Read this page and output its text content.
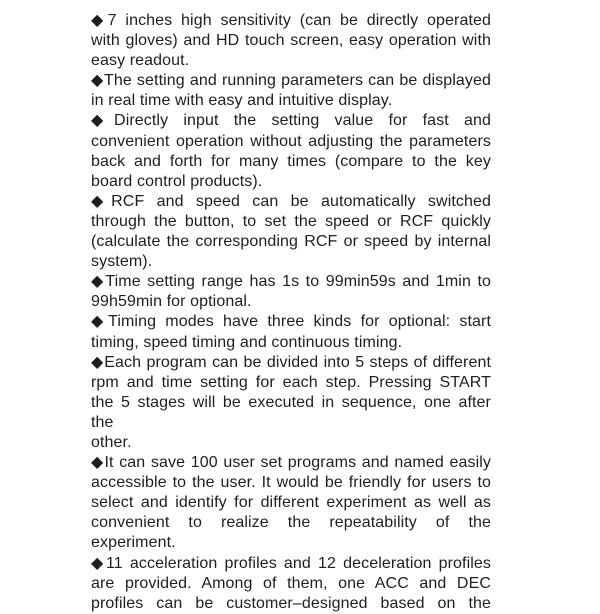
◆7 inches high sensitivity (can be directly operated
with gloves) and HD touch screen, easy operation with
easy readout.
◆The setting and running parameters can be displayed
in real time with easy and intuitive display.
◆Directly input the setting value for fast and
convenient operation without adjusting the parameters
back and forth for many times (compare to the key
board control products).
◆RCF and speed can be automatically switched
through the button, to set the speed or RCF quickly
(calculate the corresponding RCF or speed by internal
system).
◆Time setting range has 1s to 99min59s and 1min to
99h59min for optional.
◆Timing modes have three kinds for optional: start
timing, speed timing and continuous timing.
◆Each program can be divided into 5 steps of different
rpm and time setting for each step. Pressing START
the 5 stages will be executed in sequence, one after the
other.
◆It can save 100 user set programs and named easily
accessible to the user. It would be friendly for users to
select and identify for different experiment as well as
convenient to realize the repeatability of the
experiment.
◆11 acceleration profiles and 12 deceleration profiles
are provided. Among of them, one ACC and DEC
profiles can be customer–designed based on the
